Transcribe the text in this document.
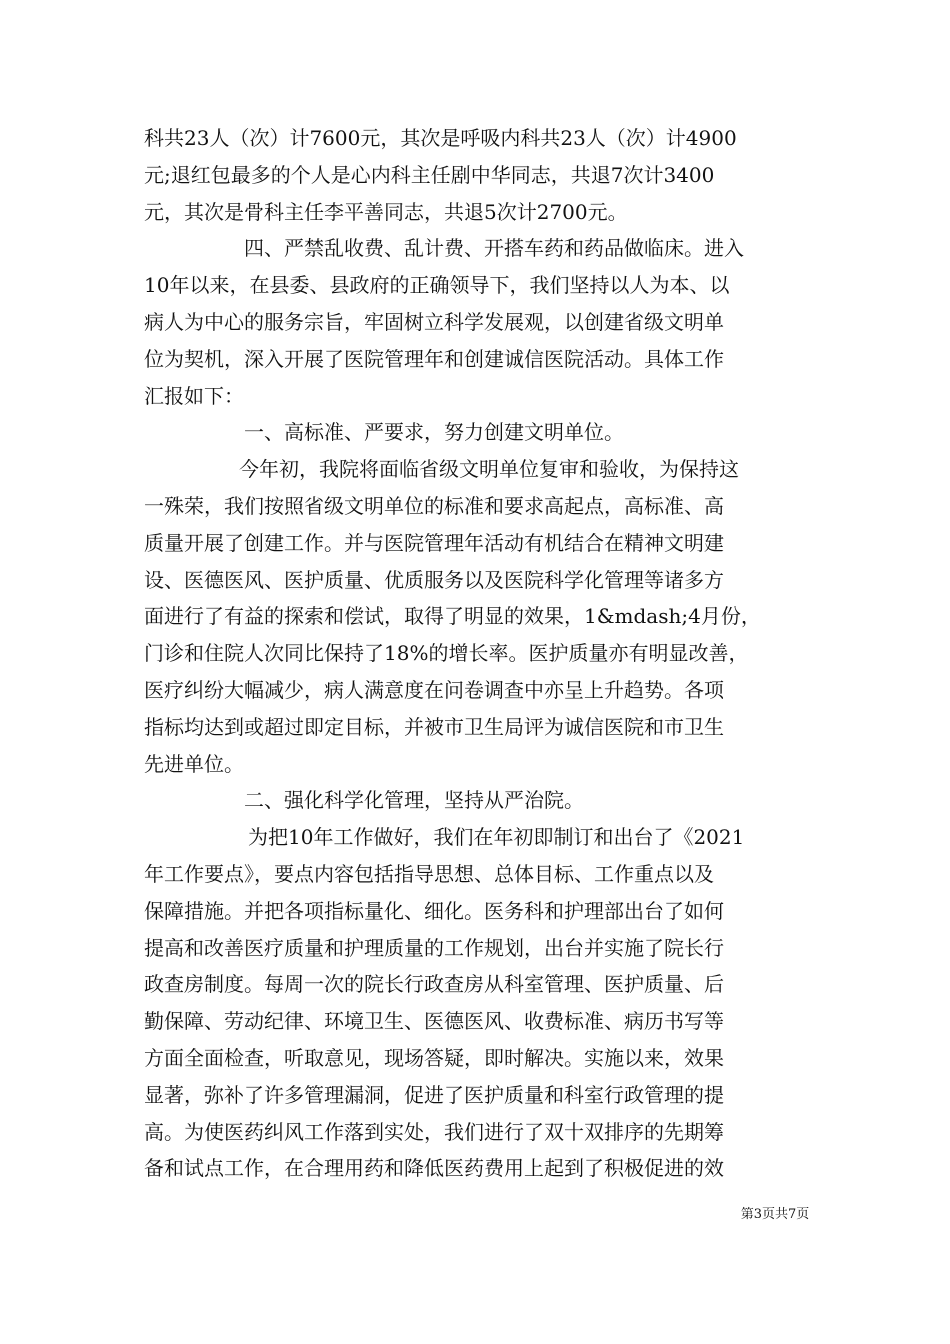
科共23人（次）计7600元，其次是呼吸内科共23人（次）计4900
元;退红包最多的个人是心内科主任剧中华同志，共退7次计3400
元，其次是骨科主任李平善同志，共退5次计2700元。
四、严禁乱收费、乱计费、开搭车药和药品做临床。进入
10年以来，在县委、县政府的正确领导下，我们坚持以人为本、以
病人为中心的服务宗旨，牢固树立科学发展观，以创建省级文明单
位为契机，深入开展了医院管理年和创建诚信医院活动。具体工作
汇报如下：
一、高标准、严要求，努力创建文明单位。
今年初，我院将面临省级文明单位复审和验收，为保持这
一殊荣，我们按照省级文明单位的标准和要求高起点，高标准、高
质量开展了创建工作。并与医院管理年活动有机结合在精神文明建
设、医德医风、医护质量、优质服务以及医院科学化管理等诸多方
面进行了有益的探索和偿试，取得了明显的效果，1&mdash;4月份，
门诊和住院人次同比保持了18%的增长率。医护质量亦有明显改善，
医疗纠纷大幅减少，病人满意度在问卷调查中亦呈上升趋势。各项
指标均达到或超过即定目标，并被市卫生局评为诚信医院和市卫生
先进单位。
二、强化科学化管理，坚持从严治院。
为把10年工作做好，我们在年初即制订和出台了《2021
年工作要点》，要点内容包括指导思想、总体目标、工作重点以及
保障措施。并把各项指标量化、细化。医务科和护理部出台了如何
提高和改善医疗质量和护理质量的工作规划，出台并实施了院长行
政查房制度。每周一次的院长行政查房从科室管理、医护质量、后
勤保障、劳动纪律、环境卫生、医德医风、收费标准、病历书写等
方面全面检查，听取意见，现场答疑，即时解决。实施以来，效果
显著，弥补了许多管理漏洞，促进了医护质量和科室行政管理的提
高。为使医药纠风工作落到实处，我们进行了双十双排序的先期筹
备和试点工作，在合理用药和降低医药费用上起到了积极促进的效
第3页共7页
